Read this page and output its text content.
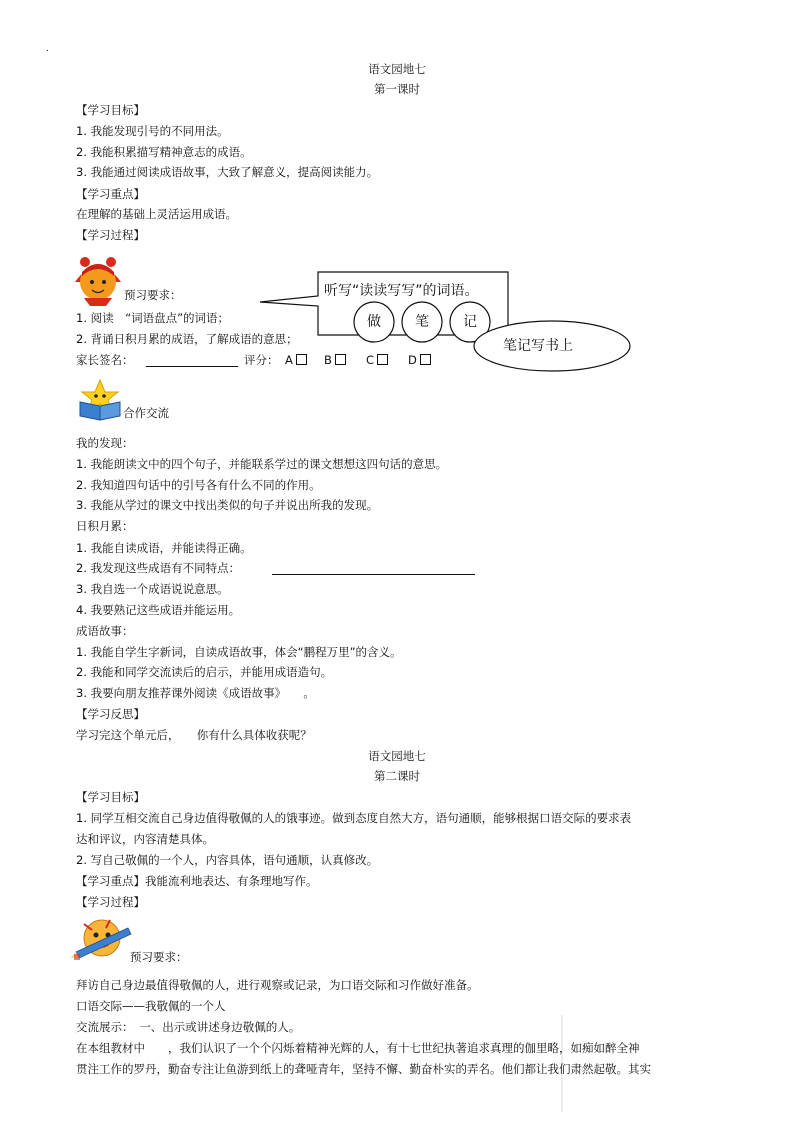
.
语文园地七
第一课时
【学习目标】
1. 我能发现引号的不同用法。
2. 我能积累描写精神意志的成语。
3. 我能通过阅读成语故事，大致了解意义，提高阅读能力。
【学习重点】
在理解的基础上灵活运用成语。
【学习过程】
预习要求：
1. 阅读　“词语盘点”的词语；
2. 背诵日积月累的成语，了解成语的意思；
家长签名：	评分： A	B	C	D
听写“读读写写”的词语。
做 笔 记
笔记写书上
合作交流
我的发现：
1. 我能朗读文中的四个句子，并能联系学过的课文想想这四句话的意思。
2. 我知道四句话中的引号各有什么不同的作用。
3. 我能从学过的课文中找出类似的句子并说出所我的发现。
日积月累：
1. 我能自读成语，并能读得正确。
2. 我发现这些成语有不同特点：
3. 我自选一个成语说说意思。
4. 我要熟记这些成语并能运用。
成语故事：
1. 我能自学生字新词，自读成语故事，体会“鹏程万里”的含义。
2. 我能和同学交流读后的启示，并能用成语造句。
3. 我要向朋友推荐课外阅读《成语故事》　　。
【学习反思】
学习完这个单元后，　　你有什么具体收获呢？
语文园地七
第二课时
【学习目标】
1. 同学互相交流自己身边值得敬佩的人的饿事迹。做到态度自然大方，语句通顺，能够根据口语交际的要求表
达和评议，内容清楚具体。
2. 写自己敬佩的一个人，内容具体，语句通顺，认真修改。
【学习重点】我能流利地表达、有条理地写作。
【学习过程】
预习要求：
拜访自己身边最值得敬佩的人，进行观察或记录，为口语交际和习作做好准备。
口语交际——我敬佩的一个人
交流展示：　一、出示或讲述身边敬佩的人。
在本组教材中　　，我们认识了一个个闪烁着精神光辉的人，有十七世纪执著追求真理的伽里略，如痴如醉全神
贯注工作的罗丹，勤奋专注让鱼游到纸上的聋哑青年，坚持不懈、勤奋朴实的弄名。他们都让我们肃然起敬。其实
